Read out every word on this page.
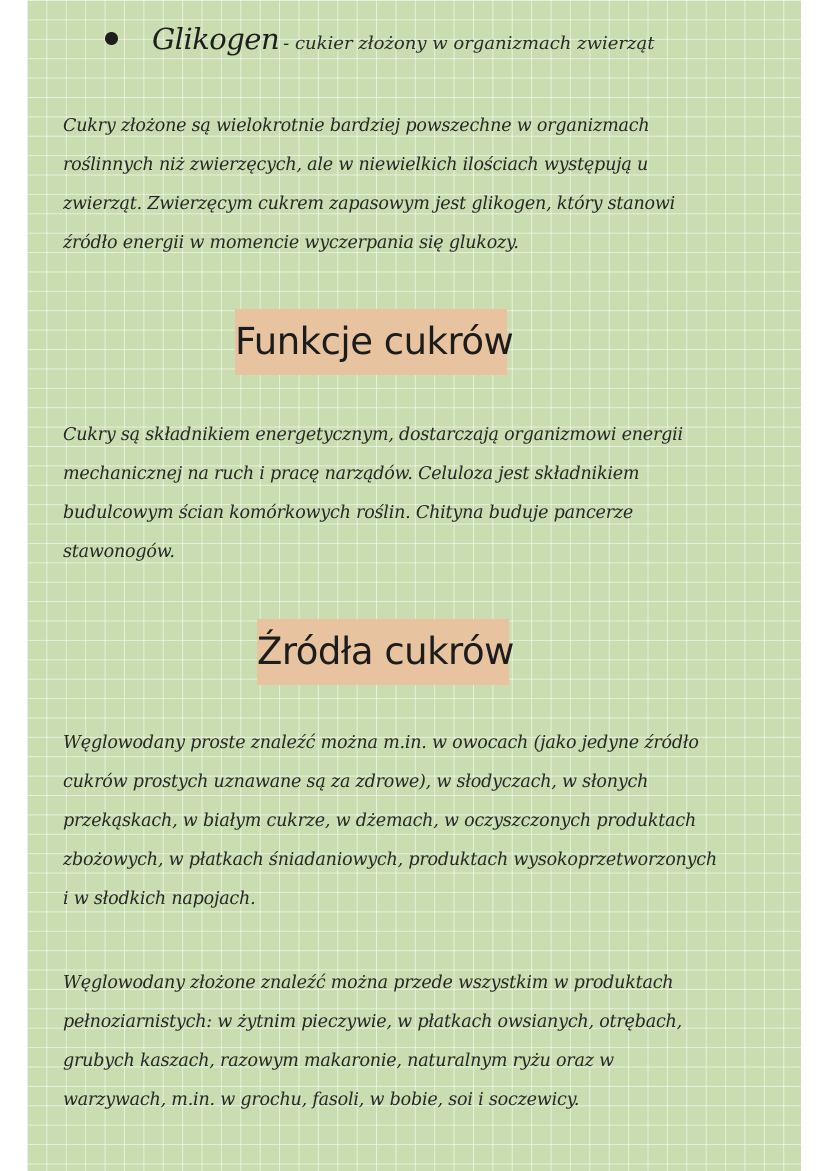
Glikogen - cukier złożony w organizmach zwierząt

Cukry złożone są wielokrotnie bardziej powszechne w organizmach
roślinnych niż zwierzęcych, ale w niewielkich ilościach występują u
zwierząt. Zwierzęcym cukrem zapasowym jest glikogen, który stanowi
źródło energii w momencie wyczerpania się glukozy.

Funkcje cukrów

Cukry są składnikiem energetycznym, dostarczają organizmowi energii
mechanicznej na ruch i pracę narządów. Celuloza jest składnikiem
budulcowym ścian komórkowych roślin. Chityna buduje pancerze
stawonogów.

Źródła cukrów

Węglowodany proste znaleźć można m.in. w owocach (jako jedyne źródło
cukrów prostych uznawane są za zdrowe), w słodyczach, w słonych
przekąskach, w białym cukrze, w dżemach, w oczyszczonych produktach
zbożowych, w płatkach śniadaniowych, produktach wysokoprzetworzonych
i w słodkich napojach.

Węglowodany złożone znaleźć można przede wszystkim w produktach
pełnoziarnistych: w żytnim pieczywie, w płatkach owsianych, otrębach,
grubych kaszach, razowym makaronie, naturalnym ryżu oraz w
warzywach, m.in. w grochu, fasoli, w bobie, soi i soczewicy.
